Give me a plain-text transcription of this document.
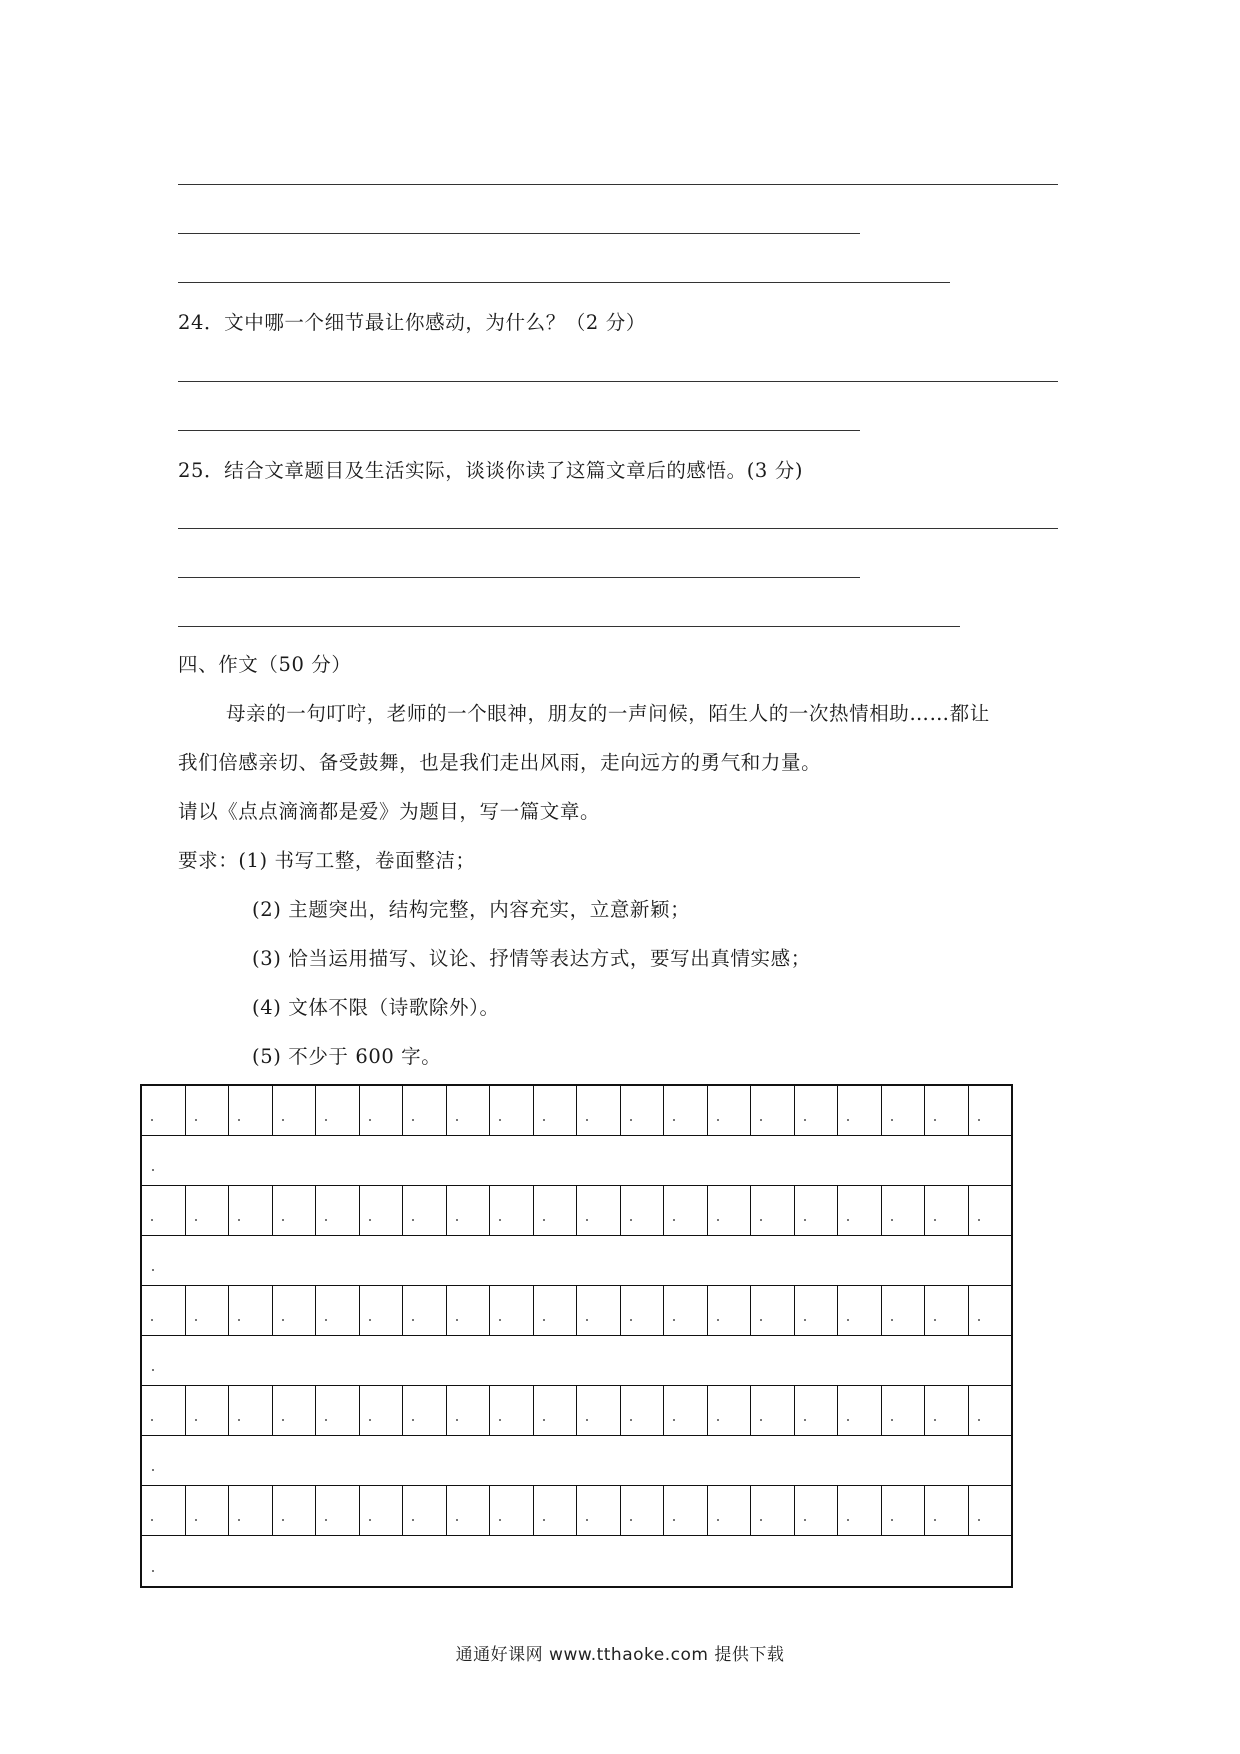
24．文中哪一个细节最让你感动，为什么？（2 分）
25．结合文章题目及生活实际，谈谈你读了这篇文章后的感悟。(3 分)
四、作文（50 分）
母亲的一句叮咛，老师的一个眼神，朋友的一声问候，陌生人的一次热情相助……都让
我们倍感亲切、备受鼓舞，也是我们走出风雨，走向远方的勇气和力量。
请以《点点滴滴都是爱》为题目，写一篇文章。
要求：(1) 书写工整，卷面整洁；
(2) 主题突出，结构完整，内容充实，立意新颖；
(3) 恰当运用描写、议论、抒情等表达方式，要写出真情实感；
(4) 文体不限（诗歌除外）。
(5) 不少于 600 字。
通通好课网 www.tthaoke.com 提供下载
